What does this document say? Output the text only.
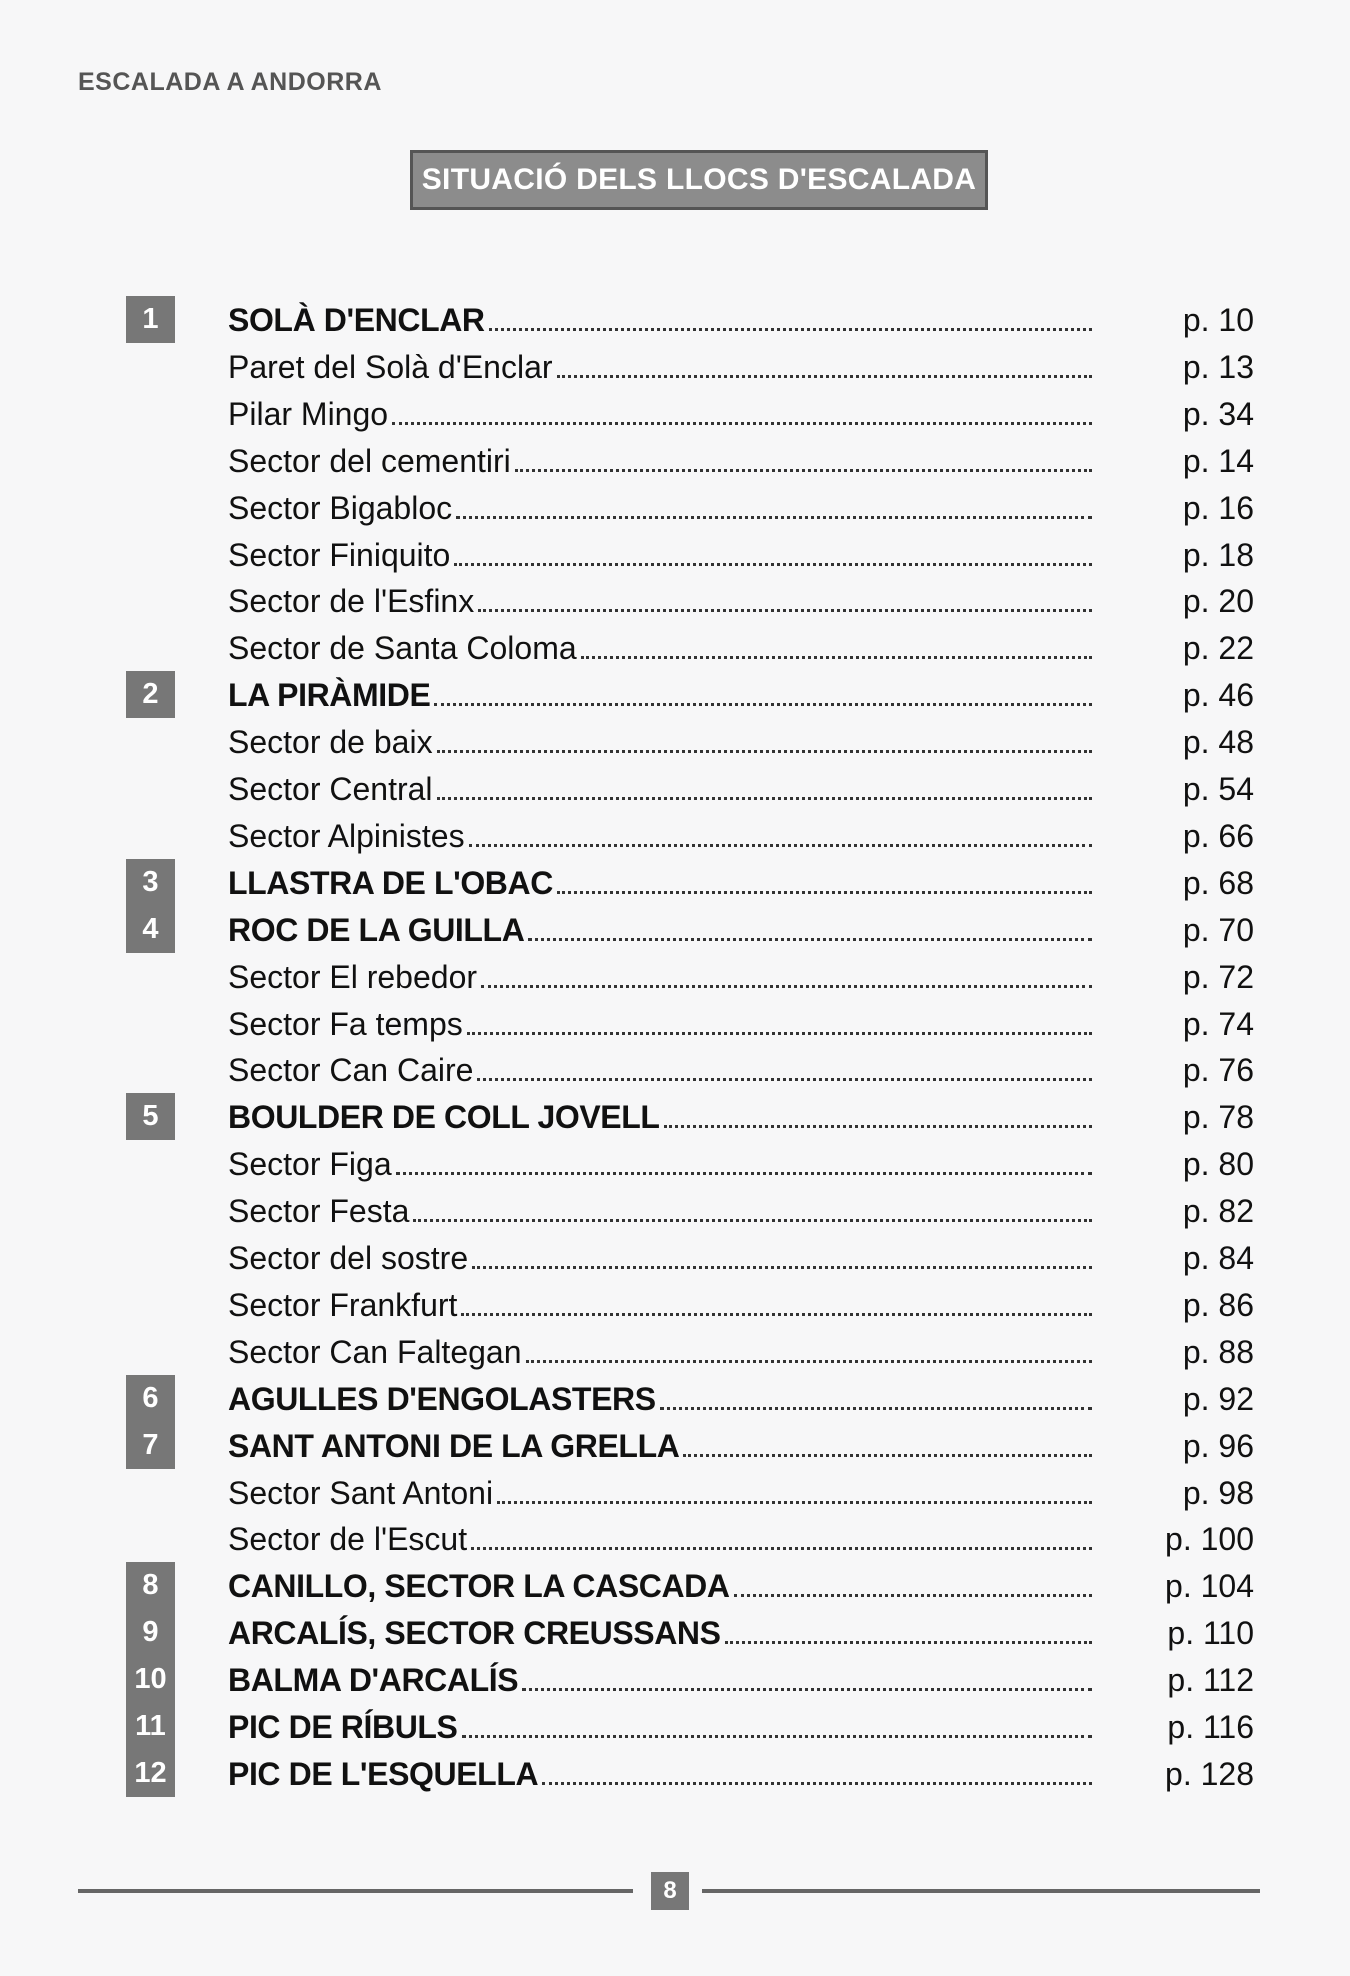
ESCALADA A ANDORRA
SITUACIÓ DELS LLOCS D'ESCALADA
1	SOLÀ D'ENCLAR	p. 10
Paret del Solà d'Enclar	p. 13
Pilar Mingo	p. 34
Sector del cementiri	p. 14
Sector Bigabloc	p. 16
Sector Finiquito	p. 18
Sector de l'Esfinx	p. 20
Sector de Santa Coloma	p. 22
2	LA PIRÀMIDE	p. 46
Sector de baix	p. 48
Sector Central	p. 54
Sector Alpinistes	p. 66
3	LLASTRA DE L'OBAC	p. 68
4	ROC DE LA GUILLA	p. 70
Sector El rebedor	p. 72
Sector Fa temps	p. 74
Sector Can Caire	p. 76
5	BOULDER DE COLL JOVELL	p. 78
Sector Figa	p. 80
Sector Festa	p. 82
Sector del sostre	p. 84
Sector Frankfurt	p. 86
Sector Can Faltegan	p. 88
6	AGULLES D'ENGOLASTERS	p. 92
7	SANT ANTONI DE LA GRELLA	p. 96
Sector Sant Antoni	p. 98
Sector de l'Escut	p. 100
8	CANILLO, SECTOR LA CASCADA	p. 104
9	ARCALÍS, SECTOR CREUSSANS	p. 110
10 BALMA D'ARCALÍS	p. 112
11 PIC DE RÍBULS	p. 116
12 PIC DE L'ESQUELLA	p. 128
8
